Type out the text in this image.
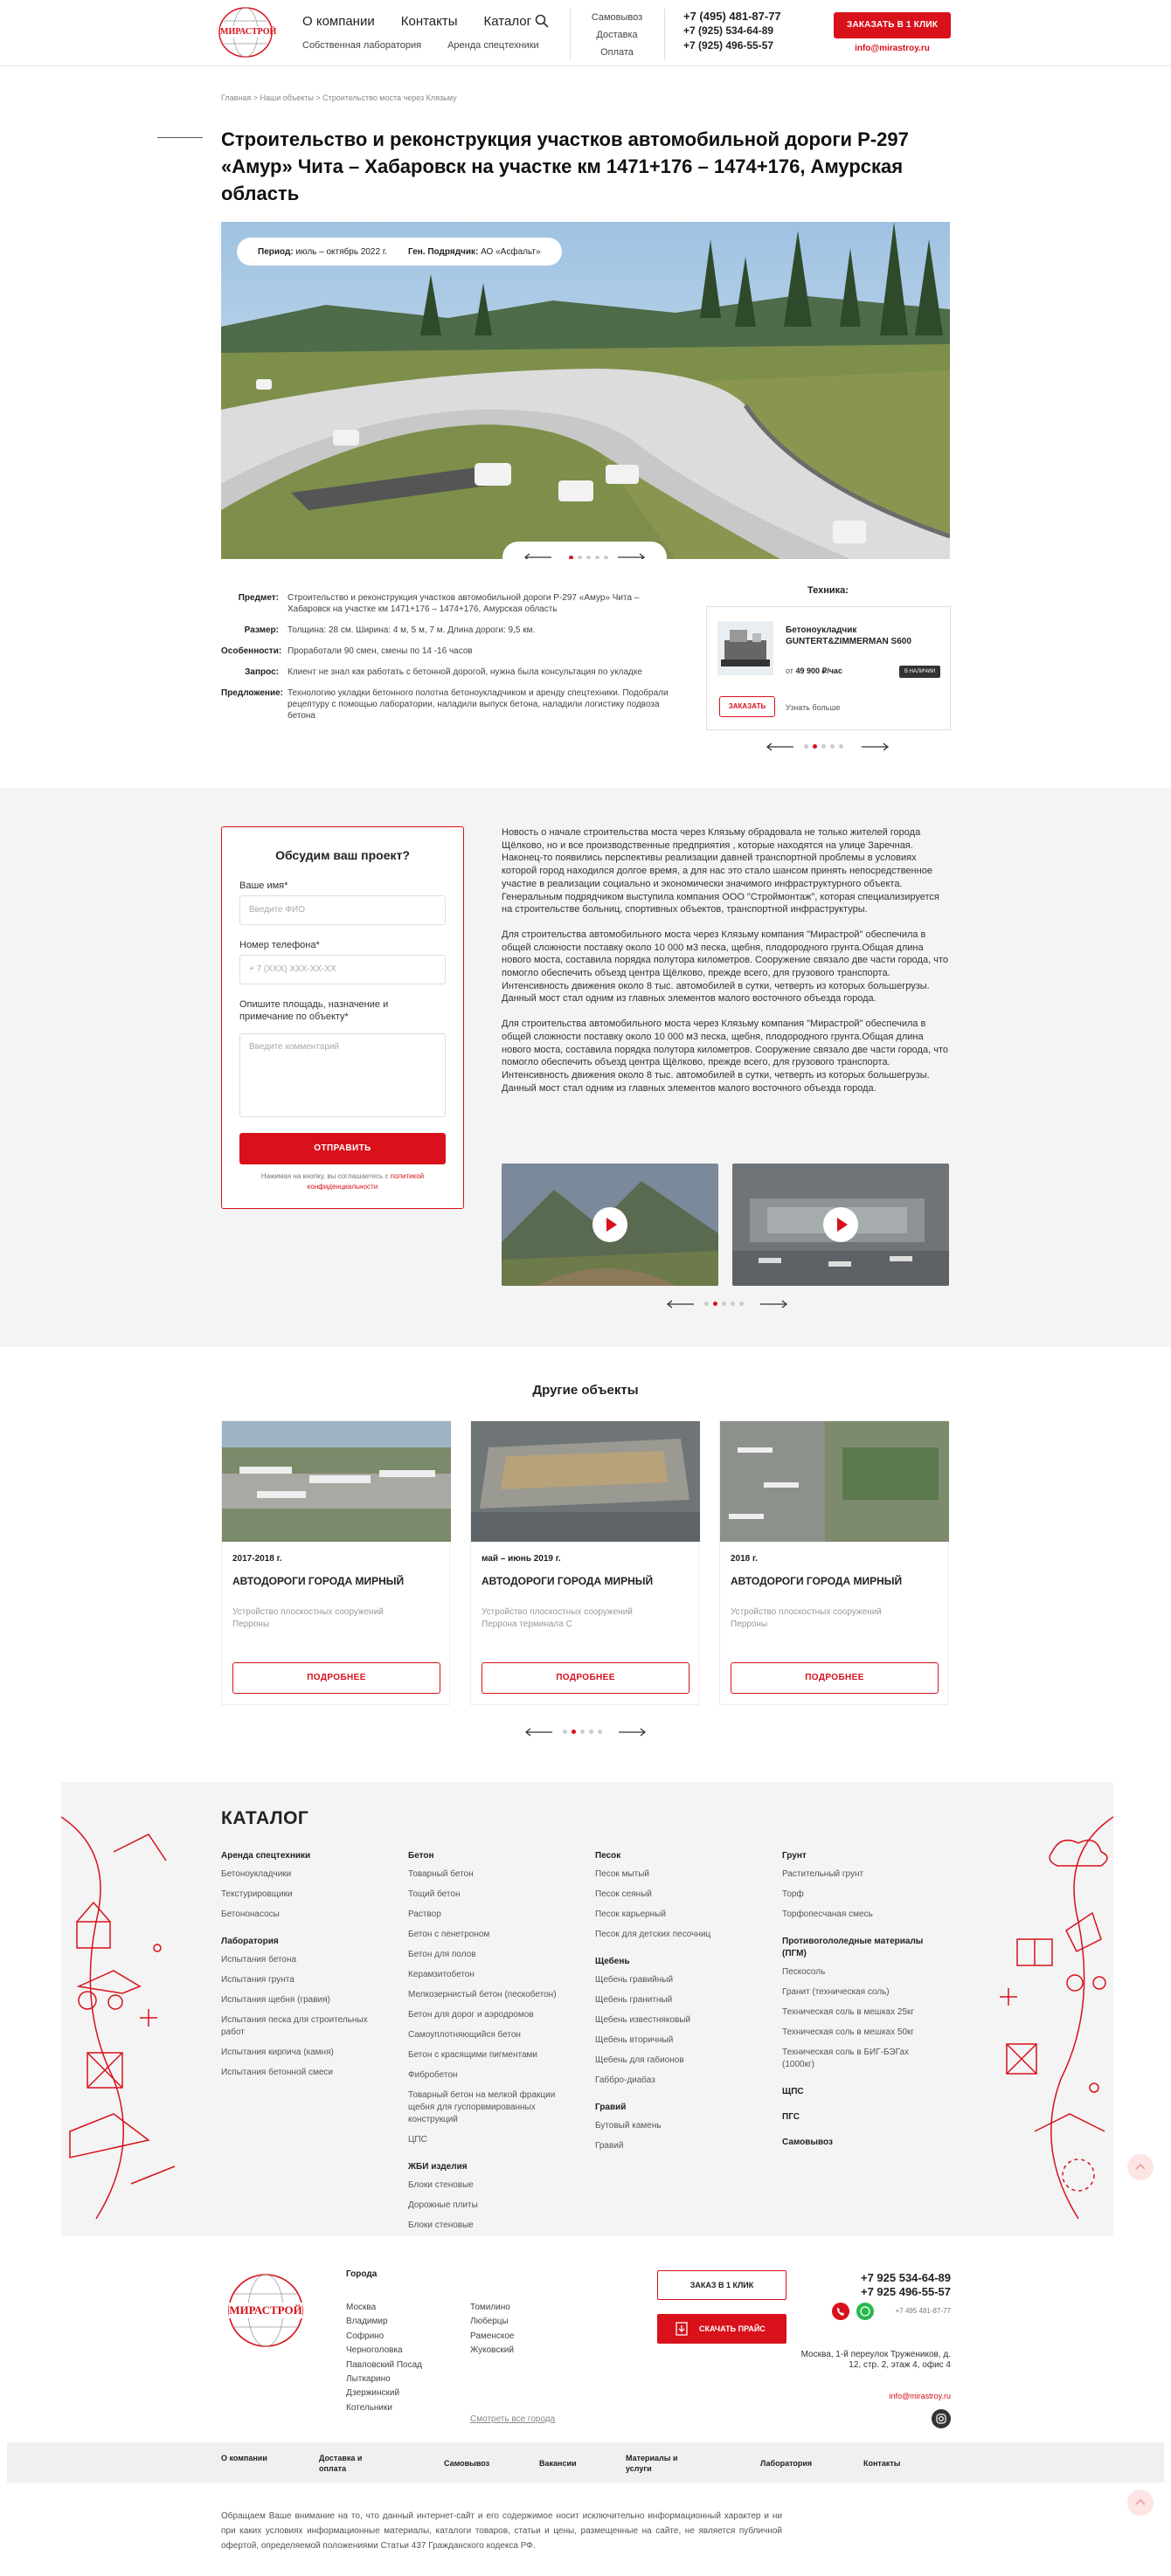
МИРАСТРОЙ
О компании Контакты Каталог
Собственная лаборатория	Аренда спецтехники
Самовывоз
Доставка
Оплата
+7 (495) 481-87-77
+7 (925) 534-64-89
+7 (925) 496-55-57
ЗАКАЗАТЬ В 1 КЛИК
info@mirastroy.ru
Главная > Наши объекты > Строительство моста через Клязьму
Строительство и реконструкция участков автомобильной дороги Р-297 «Амур» Чита – Хабаровск на участке км 1471+176 – 1474+176, Амурская область
Период: июль – октябрь 2022 г. Ген. Подрядчик: АО «Асфальт»
Предмет:	Строительство и реконструкция участков автомобильной дороги Р-297 «Амур» Чита – Хабаровск на участке км 1471+176 – 1474+176, Амурская область
Размер:	Толщина: 28 см. Ширина: 4 м, 5 м, 7 м. Длина дороги: 9,5 км.
Особенности: Проработали 90 смен, смены по 14 -16 часов
Запрос:	Клиент не знал как работать с бетонной дорогой, нужна была консультация по укладке
Предложение: Технологию укладки бетонного полотна бетоноукладчиком и аренду спецтехники. Подобрали рецептуру с помощью лаборатории, наладили выпуск бетона, наладили логистику подвоза бетона
Техника:
Бетоноукладчик GUNTERT&ZIMMERMAN S600
от 49 900 ₽/час	В НАЛИЧИИ
ЗАКАЗАТЬ	Узнать больше
Обсудим ваш проект?
Ваше имя*
Введите ФИО
Номер телефона*
+ 7 (XXX) XXX-XX-XX
Опишите площадь, назначение и примечание по объекту*
Введите комментарий
ОТПРАВИТЬ
Нажимая на кнопку, вы соглашаетесь с политикой конфиденциальности

Новость о начале строительства моста через Клязьму обрадовала не только жителей города Щёлково, но и все производственные предприятия , которые находятся на улице Заречная. Наконец-то появились перспективы реализации давней транспортной проблемы в условиях которой город находился долгое время, а для нас это стало шансом принять непосредственное участие в реализации социально и экономически значимого инфраструктурного объекта. Генеральным подрядчиком выступила компания ООО "Строймонтаж", которая специализируется на строительстве больниц, спортивных объектов, транспортной инфраструктуры.

Для строительства автомобильного моста через Клязьму компания "Мирастрой" обеспечила в общей сложности поставку около 10 000 м3 песка, щебня, плодородного грунта.Общая длина нового моста, составила порядка полутора километров. Сооружение связало две части города, что помогло обеспечить объезд центра Щёлково, прежде всего, для грузового транспорта. Интенсивность движения около 8 тыс. автомобилей в сутки, четверть из которых большегрузы. Данный мост стал одним из главных элементов малого восточного объезда города.

Для строительства автомобильного моста через Клязьму компания "Мирастрой" обеспечила в общей сложности поставку около 10 000 м3 песка, щебня, плодородного грунта.Общая длина нового моста, составила порядка полутора километров. Сооружение связало две части города, что помогло обеспечить объезд центра Щёлково, прежде всего, для грузового транспорта. Интенсивность движения около 8 тыс. автомобилей в сутки, четверть из которых большегрузы. Данный мост стал одним из главных элементов малого восточного объезда города.

Другие объекты
2017-2018 г.
АВТОДОРОГИ ГОРОДА МИРНЫЙ
Устройство плоскостных сооружений
Перроны
ПОДРОБНЕЕ
май – июнь 2019 г.
АВТОДОРОГИ ГОРОДА МИРНЫЙ
Устройство плоскостных сооружений
Перрона терминала С
ПОДРОБНЕЕ
2018 г.
АВТОДОРОГИ ГОРОДА МИРНЫЙ
Устройство плоскостных сооружений
Перроны
ПОДРОБНЕЕ
КАТАЛОГ
Аренда спецтехники
Бетоноукладчики
Текстурировщики
Бетононасосы
Лаборатория
Испытания бетона
Испытания грунта
Испытания щебня (гравия)
Испытания песка для строительных работ
Испытания кирпича (камня)
Испытания бетонной смеси
Бетон
Товарный бетон
Тощий бетон
Раствор
Бетон с пенетроном
Бетон для полов
Керамзитобетон
Мелкозернистый бетон (пескобетон)
Бетон для дорог и аэродромов
Самоуплотняющийся бетон
Бетон с красящими пигментами
Фибробетон
Товарный бетон на мелкой фракции щебня для гуспорвмированных конструкций
ЦПС
ЖБИ изделия
Блоки стеновые
Дорожные плиты
Блоки стеновые
Песок
Песок мытый
Песок сеяный
Песок карьерный
Песок для детских песочниц
Щебень
Щебень гравийный
Щебень гранитный
Щебень известняковый
Щебень вторичный
Щебень для габионов
Габбро-диабаз
Гравий
Бутовый камень
Гравий
Грунт
Растительный грунт
Торф
Торфопесчаная смесь
Противогололедные материалы (ПГМ)
Пескосоль
Гранит (техническая соль)
Техническая соль в мешках 25кг
Техническая соль в мешках 50кг
Техническая соль в БИГ-БЭГах (1000кг)
ЩПС
ПГС
Самовывоз
МИРАСТРОЙ
Города
Москва
Владимир
Софрино
Черноголовка
Павловский Посад
Лыткарино
Дзержинский
Котельники
Томилино
Люберцы
Раменское
Жуковский
Смотреть все города
ЗАКАЗ В 1 КЛИК
СКАЧАТЬ ПРАЙС
+7 925 534-64-89
+7 925 496-55-57
+7 495 481-87-77
Москва, 1-й переулок Тружеников, д. 12, стр. 2, этаж 4, офис 4
info@mirastroy.ru
О компании	Доставка и оплата
Самовывоз	Вакансии
Материалы и услуги
Лаборатория	Контакты
Обращаем Ваше внимание на то, что данный интернет-сайт и его содержимое носит исключительно информационный характер и ни при каких условиях информационные материалы, каталоги товаров, статьи и цены, размещенные на сайте, не является публичной офертой, определяемой положениями Статьи 437 Гражданского кодекса РФ.
